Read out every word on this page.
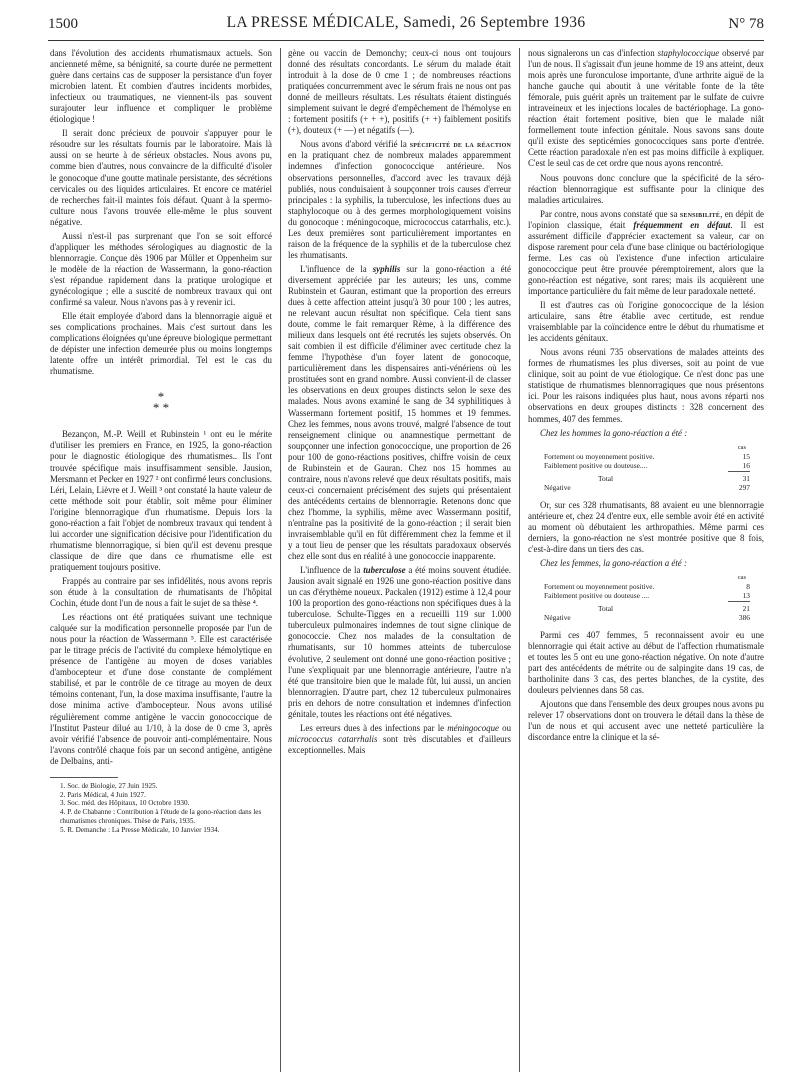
1500	LA PRESSE MÉDICALE, Samedi, 26 Septembre 1936	N° 78

dans l'évolution des accidents rhumatismaux actuels. Son ancienneté même, sa bénignité, sa courte durée ne permettent guère dans certains cas de supposer la persistance d'un foyer microbien latent. Et combien d'autres incidents morbides, infectieux ou traumatiques, ne viennent-ils pas souvent surajouter leur influence et compliquer le problème étiologique !

Il serait donc précieux de pouvoir s'appuyer pour le résoudre sur les résultats fournis par le laboratoire. Mais là aussi on se heurte à de sérieux obstacles. Nous avons pu, comme bien d'autres, nous convaincre de la difficulté d'isoler le gonocoque d'une goutte matinale persistante, des sécrétions cervicales ou des liquides articulaires. Et encore ce matériel de recherches fait-il maintes fois défaut. Quant à la spermo-culture nous l'avons trouvée elle-même le plus souvent négative.

Aussi n'est-il pas surprenant que l'on se soit efforcé d'appliquer les méthodes sérologiques au diagnostic de la blennorragie. Conçue dès 1906 par Müller et Oppenheim sur le modèle de la réaction de Wassermann, la gono-réaction s'est répandue rapidement dans la pratique urologique et gynécologique ; elle a suscité de nombreux travaux qui ont confirmé sa valeur. Nous n'avons pas à y revenir ici.

Elle était employée d'abord dans la blennorragie aiguë et ses complications prochaines. Mais c'est surtout dans les complications éloignées qu'une épreuve biologique permettant de dépister une infection demeurée plus ou moins longtemps latente offre un intérêt primordial. Tel est le cas du rhumatisme.

*
* *

Bezançon, M.-P. Weill et Rubinstein ¹ ont eu le mérite d'utiliser les premiers en France, en 1925, la gono-réaction pour le diagnostic étiologique des rhumatismes.. Ils l'ont trouvée spécifique mais insuffisamment sensible. Jausion, Mersmann et Pecker en 1927 ² ont confirmé leurs conclusions. Léri, Lelain, Lièvre et J. Weill ³ ont constaté la haute valeur de cette méthode soit pour établir, soit même pour éliminer l'origine blennorragique d'un rhumatisme. Depuis lors la gono-réaction a fait l'objet de nombreux travaux qui tendent à lui accorder une signification décisive pour l'identification du rhumatisme blennorragique, si bien qu'il est devenu presque classique de dire que dans ce rhumatisme elle est pratiquement toujours positive.

Frappés au contraire par ses infidélités, nous avons repris son étude à la consultation de rhumatisants de l'hôpital Cochin, étude dont l'un de nous a fait le sujet de sa thèse ⁴.

Les réactions ont été pratiquées suivant une technique calquée sur la modification personnelle proposée par l'un de nous pour la réaction de Wassermann ⁵. Elle est caractérisée par le titrage précis de l'activité du complexe hémolytique en présence de l'antigène au moyen de doses variables d'ambocepteur et d'une dose constante de complément stabilisé, et par le contrôle de ce titrage au moyen de deux témoins contenant, l'un, la dose maxima insuffisante, l'autre la dose minima active d'ambocepteur. Nous avons utilisé régulièrement comme antigène le vaccin gonococcique de l'Institut Pasteur dilué au 1/10, à la dose de 0 cme 3, après avoir vérifié l'absence de pouvoir anti-complémentaire. Nous l'avons contrôlé chaque fois par un second antigène, antigène de Delbains, anti-

1. Soc. de Biologie, 27 Juin 1925.

2. Paris Médical, 4 Juin 1927.

3. Soc. méd. des Hôpitaux, 10 Octobre 1930.

4. P. de Chabanne : Contribution à l'étude de la gono-réaction dans les rhumatismes chroniques. Thèse de Paris, 1935.

5. R. Demanche : La Presse Médicale, 10 Janvier 1934.

gène ou vaccin de Demonchy; ceux-ci nous ont toujours donné des résultats concordants. Le sérum du malade était introduit à la dose de 0 cme 1 ; de nombreuses réactions pratiquées concurremment avec le sérum frais ne nous ont pas donné de meilleurs résultats. Les résultats étaient distingués simplement suivant le degré d'empêchement de l'hémolyse en : fortement positifs (+ + +), positifs (+ +) faiblement positifs (+), douteux (+ —) et négatifs (—).

Nous avons d'abord vérifié la spécificité de la réaction en la pratiquant chez de nombreux malades apparemment indemnes d'infection gonococcique antérieure. Nos observations personnelles, d'accord avec les travaux déjà publiés, nous conduisaient à soupçonner trois causes d'erreur principales : la syphilis, la tuberculose, les infections dues au staphylocoque ou à des germes morphologiquement voisins du gonocoque : méningocoque, micrococcus catarrhalis, etc.). Les deux premières sont particulièrement importantes en raison de la fréquence de la syphilis et de la tuberculose chez les rhumatisants.

L'influence de la syphilis sur la gono-réaction a été diversement appréciée par les auteurs; les uns, comme Rubinstein et Gauran, estimant que la proportion des erreurs dues à cette affection atteint jusqu'à 30 pour 100 ; les autres, ne relevant aucun résultat non spécifique. Cela tient sans doute, comme le fait remarquer Rème, à la différence des milieux dans lesquels ont été recrutés les sujets observés. On sait combien il est difficile d'éliminer avec certitude chez la femme l'hypothèse d'un foyer latent de gonocoque, particulièrement dans les dispensaires anti-vénériens où les prostituées sont en grand nombre. Aussi convient-il de classer les observations en deux groupes distincts selon le sexe des malades. Nous avons examiné le sang de 34 syphilitiques à Wassermann fortement positif, 15 hommes et 19 femmes. Chez les femmes, nous avons trouvé, malgré l'absence de tout renseignement clinique ou anamnestique permettant de soupçonner une infection gonococcique, une proportion de 26 pour 100 de gono-réactions positives, chiffre voisin de ceux de Rubinstein et de Gauran. Chez nos 15 hommes au contraire, nous n'avons relevé que deux résultats positifs, mais ceux-ci concernaient précisément des sujets qui présentaient des antécédents certains de blennorragie. Retenons donc que chez l'homme, la syphilis, même avec Wassermann positif, n'entraîne pas la positivité de la gono-réaction ; il serait bien invraisemblable qu'il en fût différemment chez la femme et il y a tout lieu de penser que les résultats paradoxaux observés chez elle sont dus en réalité à une gonococcie inapparente.

L'influence de la tuberculose a été moins souvent étudiée. Jausion avait signalé en 1926 une gono-réaction positive dans un cas d'érythème noueux. Packalen (1912) estime à 12,4 pour 100 la proportion des gono-réactions non spécifiques dues à la tuberculose. Schulte-Tigges en a recueilli 119 sur 1.000 tuberculeux pulmonaires indemnes de tout signe clinique de gonococcie. Chez nos malades de la consultation de rhumatisants, sur 10 hommes atteints de tuberculose évolutive, 2 seulement ont donné une gono-réaction positive ; l'une s'expliquait par une blennorragie antérieure, l'autre n'a été que transitoire bien que le malade fût, lui aussi, un ancien blennorragien. D'autre part, chez 12 tuberculeux pulmonaires pris en dehors de notre consultation et indemnes d'infection génitale, toutes les réactions ont été négatives.

Les erreurs dues à des infections par le méningocoque ou micrococcus catarrhalis sont très discutables et d'ailleurs exceptionnelles. Mais

nous signalerons un cas d'infection staphylococcique observé par l'un de nous. Il s'agissait d'un jeune homme de 19 ans atteint, deux mois après une furonculose importante, d'une arthrite aiguë de la hanche gauche qui aboutit à une véritable fonte de la tête fémorale, puis guérit après un traitement par le sulfate de cuivre intraveineux et les injections locales de bactériophage. La gono-réaction était fortement positive, bien que le malade niât formellement toute infection génitale. Nous savons sans doute qu'il existe des septicémies gonococciques sans porte d'entrée. Cette réaction paradoxale n'en est pas moins difficile à expliquer. C'est le seul cas de cet ordre que nous ayons rencontré.

Nous pouvons donc conclure que la spécificité de la séro-réaction blennorragique est suffisante pour la clinique des maladies articulaires.

Par contre, nous avons constaté que sa sensibilité, en dépit de l'opinion classique, était fréquemment en défaut. Il est assurément difficile d'apprécier exactement sa valeur, car on dispose rarement pour cela d'une base clinique ou bactériologique ferme. Les cas où l'existence d'une infection articulaire gonococcique peut être prouvée péremptoirement, alors que la gono-réaction est négative, sont rares; mais ils acquièrent une importance particulière du fait même de leur paradoxale netteté.

Il est d'autres cas où l'origine gonococcique de la lésion articulaire, sans être établie avec certitude, est rendue vraisemblable par la coïncidence entre le début du rhumatisme et les accidents génitaux.

Nous avons réuni 735 observations de malades atteints des formes de rhumatismes les plus diverses, soit au point de vue clinique, soit au point de vue étiologique. Ce n'est donc pas une statistique de rhumatismes blennorragiques que nous présentons ici. Pour les raisons indiquées plus haut, nous avons réparti nos observations en deux groupes distincts : 328 concernent des hommes, 407 des femmes.

Chez les hommes la gono-réaction a été :

cas
Fortement ou moyennement positive.	15
Faiblement positive ou douteuse....	16
Total	31
Négative	297

Or, sur ces 328 rhumatisants, 88 avaient eu une blennorragie antérieure et, chez 24 d'entre eux, elle semble avoir été en activité au moment où débutaient les arthropathies. Même parmi ces derniers, la gono-réaction ne s'est montrée positive que 8 fois, c'est-à-dire dans un tiers des cas.

Chez les femmes, la gono-réaction a été :

cas
Fortement ou moyennement positive.	8
Faiblement positive ou douteuse ....	13
Total	21
Négative	386

Parmi ces 407 femmes, 5 reconnaissent avoir eu une blennorragie qui était active au début de l'affection rhumatismale et toutes les 5 ont eu une gono-réaction négative. On note d'autre part des antécédents de métrite ou de salpingite dans 19 cas, de bartholinite dans 3 cas, des pertes blanches, de la cystite, des douleurs pelviennes dans 58 cas.

Ajoutons que dans l'ensemble des deux groupes nous avons pu relever 17 observations dont on trouvera le détail dans la thèse de l'un de nous et qui accusent avec une netteté particulière la discordance entre la clinique et la sé-
